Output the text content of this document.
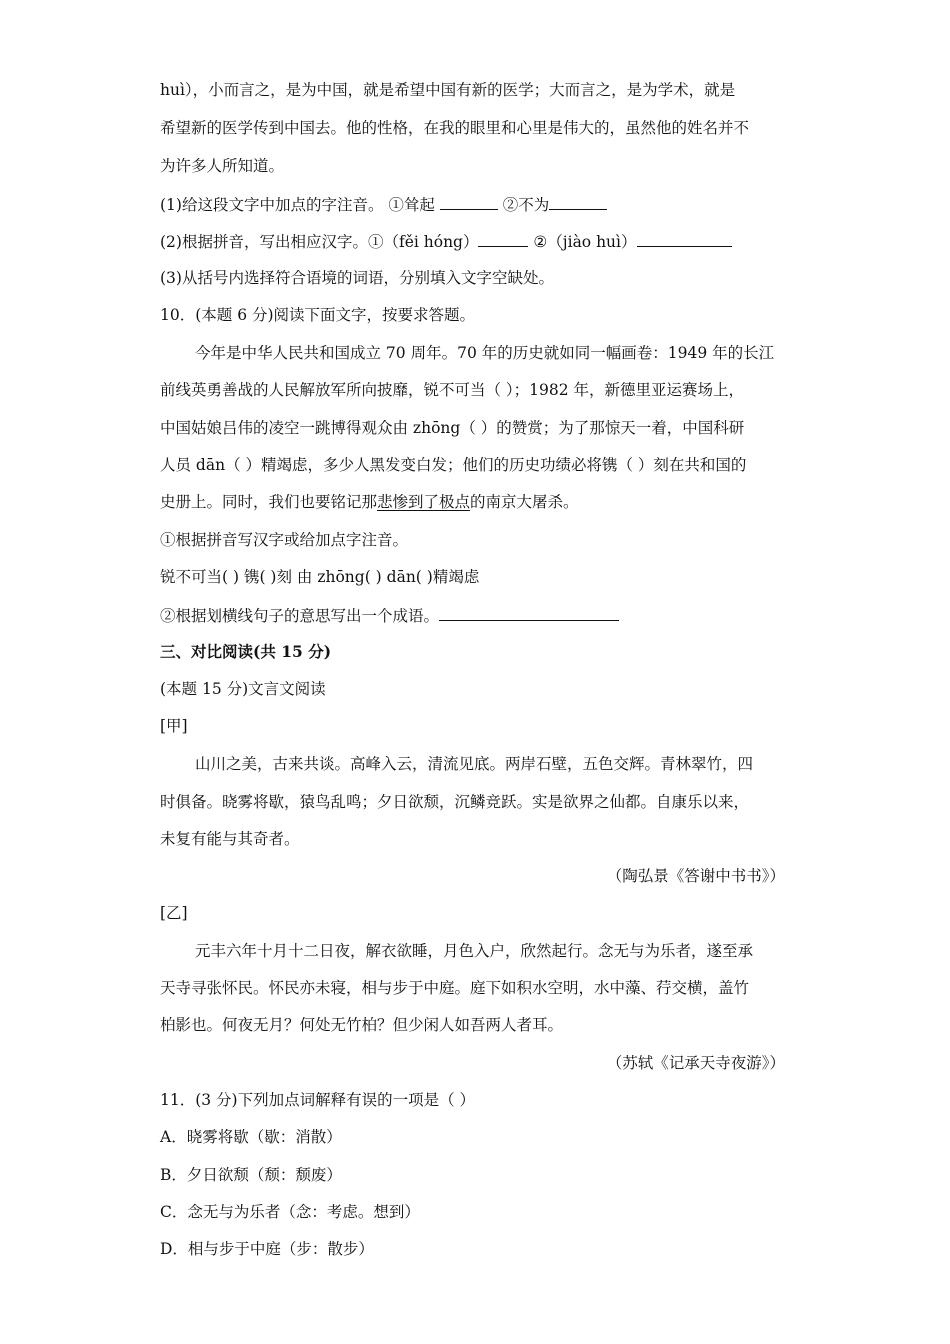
huì），小而言之，是为中国，就是希望中国有新的医学；大而言之，是为学术，就是
希望新的医学传到中国去。他的性格，在我的眼里和心里是伟大的，虽然他的姓名并不
为许多人所知道。
(1)给这段文字中加点的字注音。 ①耸起	②不为
(2)根据拼音，写出相应汉字。①（fěi hóng）	②（jiào huì）
(3)从括号内选择符合语境的词语，分别填入文字空缺处。
10．(本题 6 分)阅读下面文字，按要求答题。
今年是中华人民共和国成立 70 周年。70 年的历史就如同一幅画卷：1949 年的长江
前线英勇善战的人民解放军所向披靡，锐不可当（ ）；1982 年，新德里亚运赛场上，
中国姑娘吕伟的凌空一跳博得观众由 zhōng（ ）的赞赏；为了那惊天一着，中国科研
人员 dān（ ）精竭虑，多少人黑发变白发；他们的历史功绩必将镌（ ）刻在共和国的
史册上。同时，我们也要铭记那悲惨到了极点的南京大屠杀。
①根据拼音写汉字或给加点字注音。
锐不可当( ) 镌( )刻 由 zhōng( ) dān( )精竭虑
②根据划横线句子的意思写出一个成语。
三、对比阅读(共 15 分)
(本题 15 分)文言文阅读
[甲]
山川之美，古来共谈。高峰入云，清流见底。两岸石壁，五色交辉。青林翠竹，四
时俱备。晓雾将歇，猿鸟乱鸣；夕日欲颓，沉鳞竞跃。实是欲界之仙都。自康乐以来，
未复有能与其奇者。
（陶弘景《答谢中书书》）
[乙]
元丰六年十月十二日夜，解衣欲睡，月色入户，欣然起行。念无与为乐者，遂至承
天寺寻张怀民。怀民亦未寝，相与步于中庭。庭下如积水空明，水中藻、荇交横，盖竹
柏影也。何夜无月？何处无竹柏？但少闲人如吾两人者耳。
（苏轼《记承天寺夜游》）
11．(3 分)下列加点词解释有误的一项是（ ）
A．晓雾将歇（歇：消散）
B．夕日欲颓（颓：颓废）
C．念无与为乐者（念：考虑。想到）
D．相与步于中庭（步：散步）
